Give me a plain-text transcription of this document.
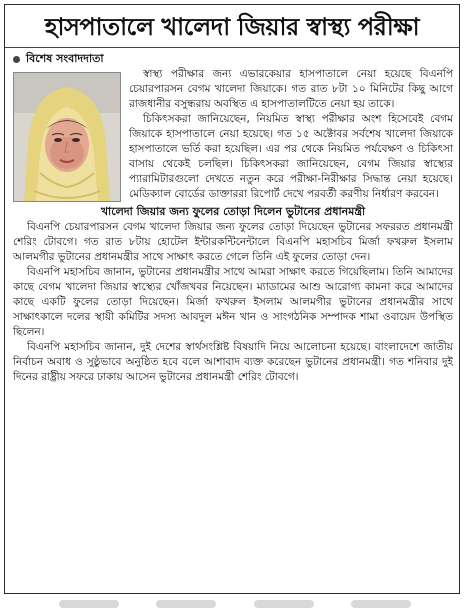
হাসপাতালে খালেদা জিয়ার স্বাস্থ্য পরীক্ষা
বিশেষ সংবাদদাতা

স্বাস্থ্য পরীক্ষার জন্য এভারকেয়ার হাসপাতালে নেয়া হয়েছে বিএনপি চেয়ারপারসন বেগম খালেদা জিয়াকে। গত রাত ৮টা ১০ মিনিটের কিছু আগে রাজধানীর বসুন্ধরায় অবস্থিত এ হাসপাতালটিতে নেয়া হয় তাকে।

চিকিৎসকরা জানিয়েছেন, নিয়মিত স্বাস্থ্য পরীক্ষার অংশ হিসেবেই বেগম জিয়াকে হাসপাতালে নেয়া হয়েছে। গত ১৫ অক্টোবর সর্বশেষ খালেদা জিয়াকে হাসপাতালে ভর্তি করা হয়েছিল। এর পর থেকে নিয়মিত পর্যবেক্ষণ ও চিকিৎসা বাসায় থেকেই চলছিল। চিকিৎসকরা জানিয়েছেন, বেগম জিয়ার স্বাস্থ্যের প্যারামিটারগুলো দেখতে নতুন করে পরীক্ষা-নিরীক্ষার সিদ্ধান্ত নেয়া হয়েছে। মেডিক্যাল বোর্ডের ডাক্তাররা রিপোর্ট দেখে পরবর্তী করণীয় নির্ধারণ করবেন।

খালেদা জিয়ার জন্য ফুলের তোড়া দিলেন ভুটানের প্রধানমন্ত্রী

বিএনপি চেয়ারপারসন বেগম খালেদা জিয়ার জন্য ফুলের তোড়া দিয়েছেন ভুটানের সফররত প্রধানমন্ত্রী শেরিং টোবগে। গত রাত ৮টায় হোটেল ইন্টারকন্টিনেন্টালে বিএনপি মহাসচিব মির্জা ফখরুল ইসলাম আলমগীর ভুটানের প্রধানমন্ত্রীর সাথে সাক্ষাৎ করতে গেলে তিনি এই ফুলের তোড়া দেন।

বিএনপি মহাসচিব জানান, ভুটানের প্রধানমন্ত্রীর সাথে আমরা সাক্ষাৎ করতে গিয়েছিলাম। তিনি আমাদের কাছে বেগম খালেদা জিয়ার স্বাস্থ্যের খোঁজখবর নিয়েছেন। ম্যাডামের আশু আরোগ্য কামনা করে আমাদের কাছে একটি ফুলের তোড়া দিয়েছেন। মির্জা ফখরুল ইসলাম আলমগীর ভুটানের প্রধানমন্ত্রীর সাথে সাক্ষাৎকালে দলের স্থায়ী কমিটির সদস্য আবদুল মঈন খান ও সাংগঠনিক সম্পাদক শামা ওবায়েদ উপস্থিত ছিলেন।

বিএনপি মহাসচিব জানান, দুই দেশের স্বার্থসংশ্লিষ্ট বিষয়াদি নিয়ে আলোচনা হয়েছে। বাংলাদেশে জাতীয় নির্বাচন অবাধ ও সুষ্ঠুভাবে অনুষ্ঠিত হবে বলে আশাবাদ ব্যক্ত করেছেন ভুটানের প্রধানমন্ত্রী। গত শনিবার দুই দিনের রাষ্ট্রীয় সফরে ঢাকায় আসেন ভুটানের প্রধানমন্ত্রী শেরিং টোবগে।
